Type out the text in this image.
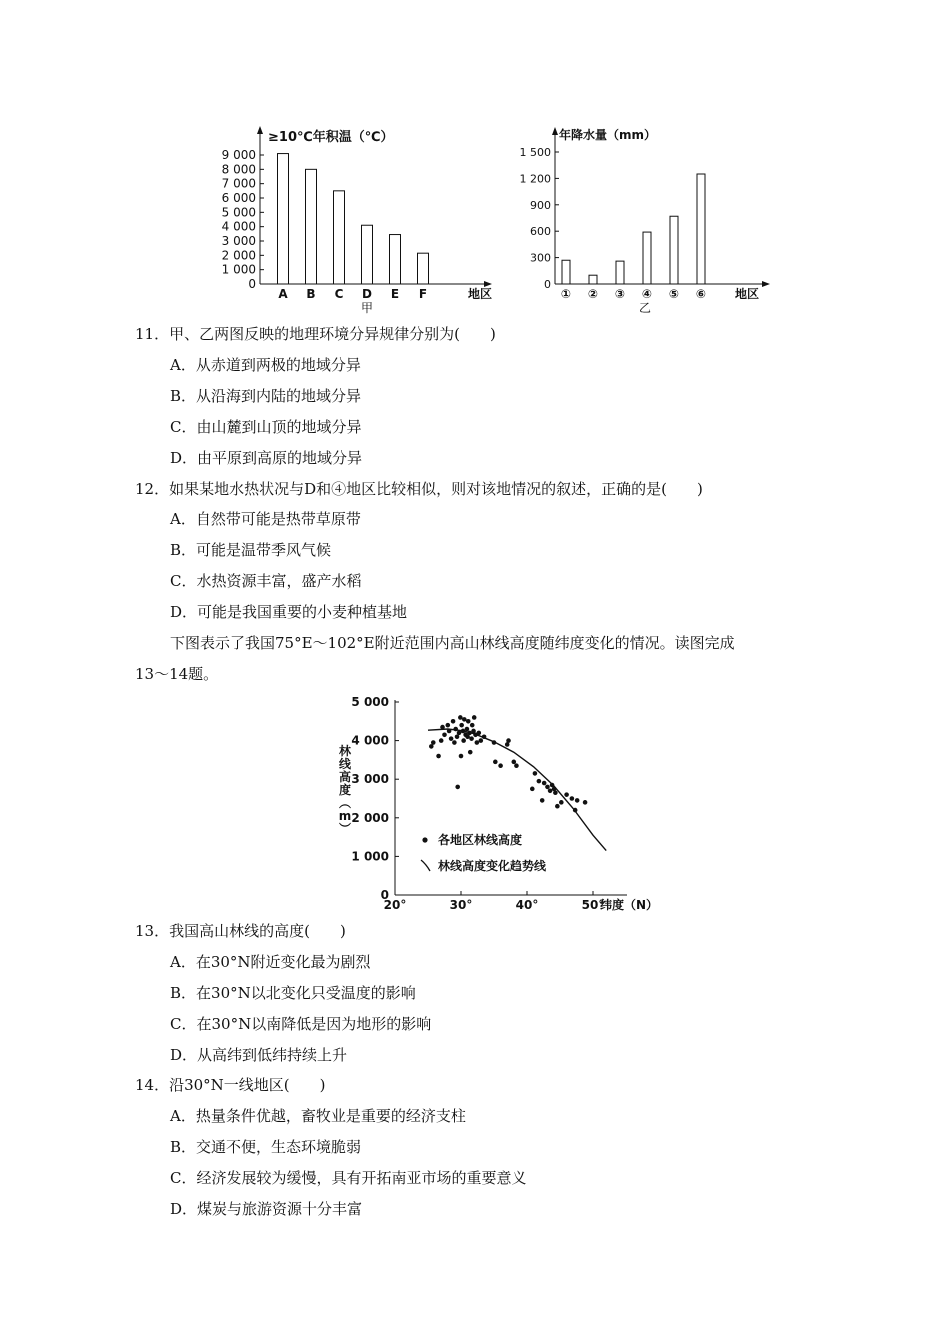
0
1 000
2 000
3 000
4 000
5 000
6 000
7 000
8 000
9 000
A B C D E F
≥10℃年积温（℃）
地区
甲
0
300
600
900
1 200
1 500
① ② ③ ④ ⑤ ⑥
年降水量（mm）
地区
乙
11．甲、乙两图反映的地理环境分异规律分别为(　　)
A．从赤道到两极的地域分异
B．从沿海到内陆的地域分异
C．由山麓到山顶的地域分异
D．由平原到高原的地域分异
12．如果某地水热状况与D和④地区比较相似，则对该地情况的叙述，正确的是(　　)
A．自然带可能是热带草原带
B．可能是温带季风气候
C．水热资源丰富，盛产水稻
D．可能是我国重要的小麦种植基地
下图表示了我国75°E～102°E附近范围内高山林线高度随纬度变化的情况。读图完成
13～14题。
0
1 000
2 000
3 000
4 000
5 000
20°	30°	40°	50°
林线高度︵ m ︶
纬度（N）
各地区林线高度
林线高度变化趋势线
13．我国高山林线的高度(　　)
A．在30°N附近变化最为剧烈
B．在30°N以北变化只受温度的影响
C．在30°N以南降低是因为地形的影响
D．从高纬到低纬持续上升
14．沿30°N一线地区(　　)
A．热量条件优越，畜牧业是重要的经济支柱
B．交通不便，生态环境脆弱
C．经济发展较为缓慢，具有开拓南亚市场的重要意义
D．煤炭与旅游资源十分丰富
